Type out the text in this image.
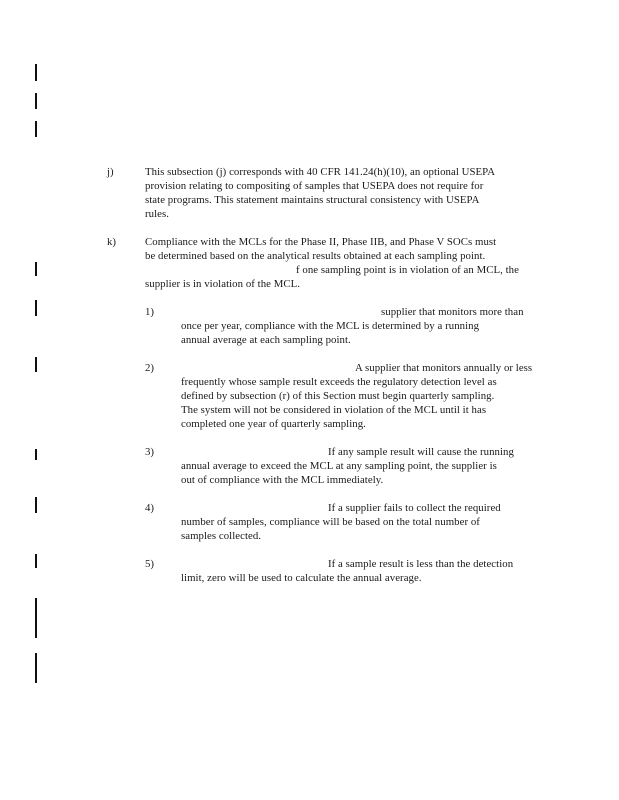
j)	This subsection (j) corresponds with 40 CFR 141.24(h)(10), an optional USEPA
provision relating to compositing of samples that USEPA does not require for
state programs. This statement maintains structural consistency with USEPA
rules.
k)	Compliance with the MCLs for the Phase II, Phase IIB, and Phase V SOCs must
be determined based on the analytical results obtained at each sampling point.
f one sampling point is in violation of an MCL, the
supplier is in violation of the MCL.
1)	supplier that monitors more than
once per year, compliance with the MCL is determined by a running
annual average at each sampling point.
2)	A supplier that monitors annually or less
frequently whose sample result exceeds the regulatory detection level as
defined by subsection (r) of this Section must begin quarterly sampling.
The system will not be considered in violation of the MCL until it has
completed one year of quarterly sampling.
3)	If any sample result will cause the running
annual average to exceed the MCL at any sampling point, the supplier is
out of compliance with the MCL immediately.
4)	If a supplier fails to collect the required
number of samples, compliance will be based on the total number of
samples collected.
5)	If a sample result is less than the detection
limit, zero will be used to calculate the annual average.
